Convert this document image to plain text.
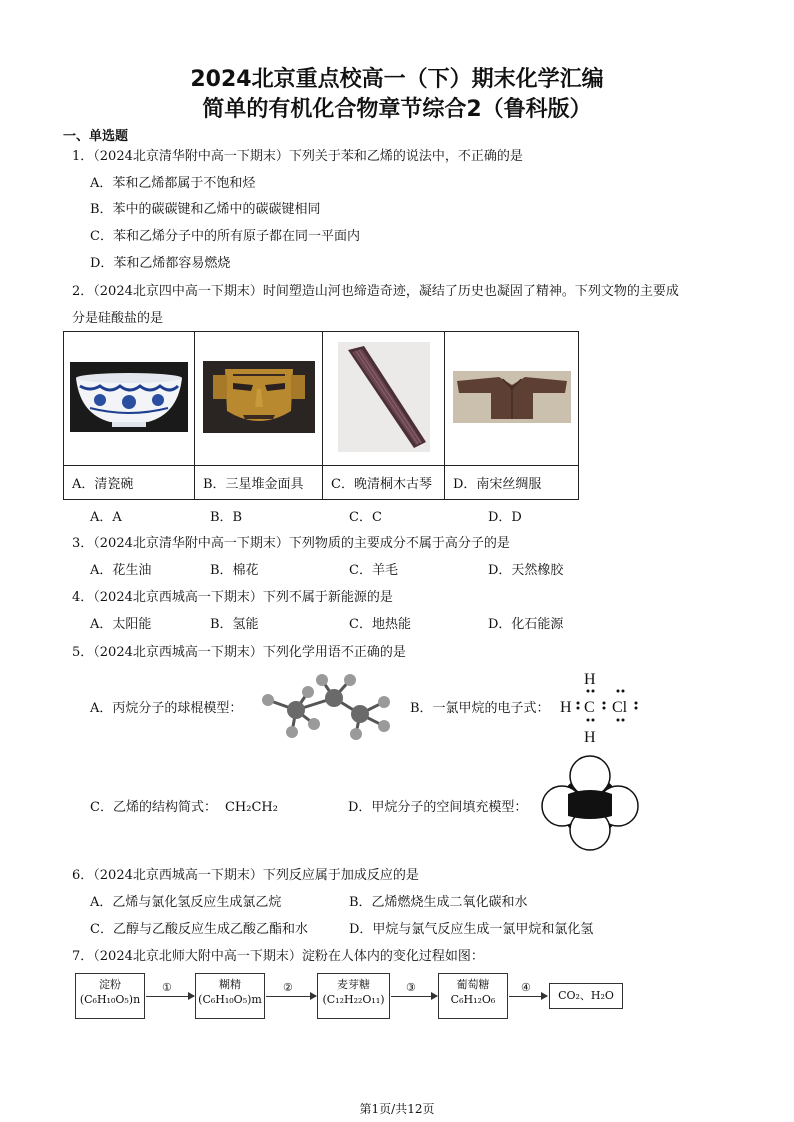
2024北京重点校高一（下）期末化学汇编
简单的有机化合物章节综合2（鲁科版）
一、单选题
1．（2024北京清华附中高一下期末）下列关于苯和乙烯的说法中，不正确的是
A．苯和乙烯都属于不饱和烃
B．苯中的碳碳键和乙烯中的碳碳键相同
C．苯和乙烯分子中的所有原子都在同一平面内
D．苯和乙烯都容易燃烧
2．（2024北京四中高一下期末）时间塑造山河也缔造奇迹，凝结了历史也凝固了精神。下列文物的主要成
分是硅酸盐的是

A．清瓷碗	B．三星堆金面具	C．晚清桐木古琴	D．南宋丝绸服
A．A	B．B	C．C	D．D
3．（2024北京清华附中高一下期末）下列物质的主要成分不属于高分子的是
A．花生油	B．棉花	C．羊毛	D．天然橡胶
4．（2024北京西城高一下期末）下列不属于新能源的是
A．太阳能	B．氢能	C．地热能	D．化石能源
5．（2024北京西城高一下期末）下列化学用语不正确的是
A．丙烷分子的球棍模型：	B．一氯甲烷的电子式：
H
H C Cl
H
C．乙烯的结构简式： CH₂CH₂	D．甲烷分子的空间填充模型：
6．（2024北京西城高一下期末）下列反应属于加成反应的是
A．乙烯与氯化氢反应生成氯乙烷	B．乙烯燃烧生成二氧化碳和水
C．乙醇与乙酸反应生成乙酸乙酯和水	D．甲烷与氯气反应生成一氯甲烷和氯化氢
7．（2024北京北师大附中高一下期末）淀粉在人体内的变化过程如图：
淀粉
(C₆H₁₀O₅)n
①	糊精
(C₆H₁₀O₅)m
②	麦芽糖
(C₁₂H₂₂O₁₁)
③	葡萄糖
C₆H₁₂O₆
④
CO₂、H₂O
第1页/共12页
